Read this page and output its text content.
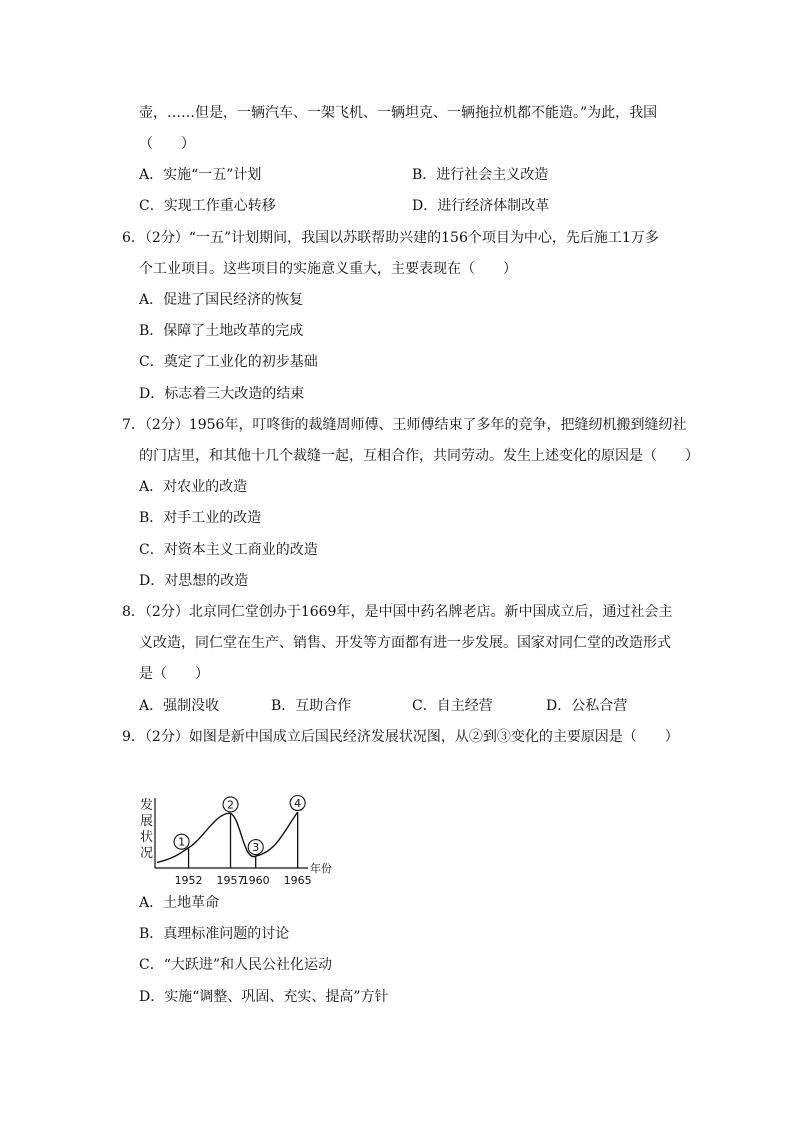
壶，……但是，一辆汽车、一架飞机、一辆坦克、一辆拖拉机都不能造。”为此，我国
（　　）
A．实施“一五”计划	B．进行社会主义改造
C．实现工作重心转移	D．进行经济体制改革
6．（2分）“一五”计划期间，我国以苏联帮助兴建的156个项目为中心，先后施工1万多
个工业项目。这些项目的实施意义重大，主要表现在（　　）
A．促进了国民经济的恢复
B．保障了土地改革的完成
C．奠定了工业化的初步基础
D．标志着三大改造的结束
7．（2分）1956年，叮咚街的裁缝周师傅、王师傅结束了多年的竞争，把缝纫机搬到缝纫社
的门店里，和其他十几个裁缝一起，互相合作，共同劳动。发生上述变化的原因是（　　）
A．对农业的改造
B．对手工业的改造
C．对资本主义工商业的改造
D．对思想的改造
8．（2分）北京同仁堂创办于1669年，是中国中药名牌老店。新中国成立后，通过社会主
义改造，同仁堂在生产、销售、开发等方面都有进一步发展。国家对同仁堂的改造形式
是（　　）
A．强制没收	B．互助合作	C．自主经营	D．公私合营
9．（2分）如图是新中国成立后国民经济发展状况图，从②到③变化的主要原因是（　　）
发
展
状
况
年份
1
2
3
4
1952 1957
1960 1965
A．土地革命
B．真理标准问题的讨论
C．“大跃进”和人民公社化运动
D．实施“调整、巩固、充实、提高”方针
